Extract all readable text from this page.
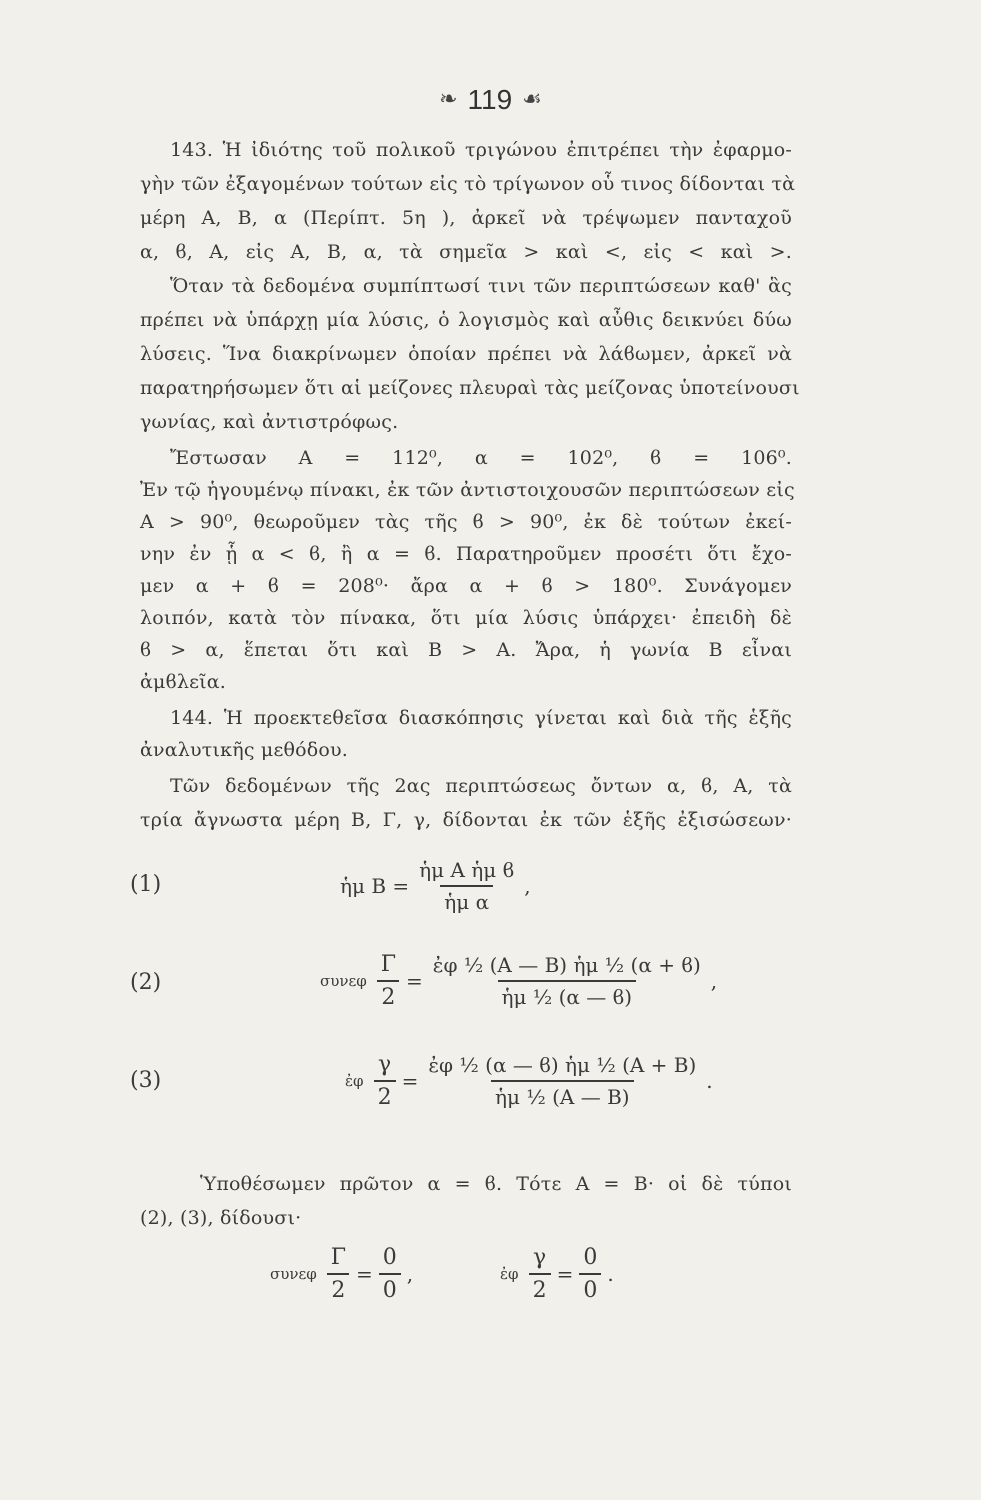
❧ 119 ☙
143. Ἡ ἰδιότης τοῦ πολικοῦ τριγώνου ἐπιτρέπει τὴν ἐφαρμο-
γὴν τῶν ἐξαγομένων τούτων εἰς τὸ τρίγωνον οὗ τινος δίδονται τὰ
μέρη A, B, α (Περίπτ. 5η ), ἀρκεῖ νὰ τρέψωμεν πανταχοῦ
α, ϐ, A, εἰς A, B, α, τὰ σημεῖα > καὶ <, εἰς < καὶ >.
Ὅταν τὰ δεδομένα συμπίπτωσί τινι τῶν περιπτώσεων καθ' ἃς
πρέπει νὰ ὑπάρχῃ μία λύσις, ὁ λογισμὸς καὶ αὖθις δεικνύει δύω
λύσεις. Ἵνα διακρίνωμεν ὁποίαν πρέπει νὰ λάϐωμεν, ἀρκεῖ νὰ
παρατηρήσωμεν ὅτι αἱ μείζονες πλευραὶ τὰς μείζονας ὑποτείνουσι
γωνίας, καὶ ἀντιστρόφως.
Ἔστωσαν A = 112⁰, α = 102⁰, ϐ = 106⁰.
Ἐν τῷ ἡγουμένῳ πίνακι, ἐκ τῶν ἀντιστοιχουσῶν περιπτώσεων εἰς
A > 90⁰, θεωροῦμεν τὰς τῆς ϐ > 90⁰, ἐκ δὲ τούτων ἐκεί-
νην ἐν ᾗ α < ϐ, ἢ α = ϐ. Παρατηροῦμεν προσέτι ὅτι ἔχο-
μεν α + ϐ = 208⁰· ἄρα α + ϐ > 180⁰. Συνάγομεν
λοιπόν, κατὰ τὸν πίνακα, ὅτι μία λύσις ὑπάρχει· ἐπειδὴ δὲ
ϐ > α, ἕπεται ὅτι καὶ B > A. Ἄρα, ἡ γωνία B εἶναι
ἀμϐλεῖα.
144. Ἡ προεκτεθεῖσα διασκόπησις γίνεται καὶ διὰ τῆς ἑξῆς
ἀναλυτικῆς μεθόδου.
Τῶν δεδομένων τῆς 2ας περιπτώσεως ὄντων α, ϐ, A, τὰ
τρία ἄγνωστα μέρη B, Γ, γ, δίδονται ἐκ τῶν ἑξῆς ἐξισώσεων·
(1)	ἡμ $B = \frac{\text{ἡμ A ἡμ ϐ}}{\text{ἡμ α}}$ ,
(2)	συνεφ $\frac{\Gamma}{2} = \frac{\text{ἐφ ½ (A — B) ἡμ ½ (α + ϐ)}}{\text{ἡμ ½ (α — ϐ)}}$ ,
(3)	ἐφ $\frac{\gamma}{2} = \frac{\text{ἐφ ½ (α — ϐ) ἡμ ½ (A + B)}}{\text{ἡμ ½ (A — B)}}$ .
Ὑποθέσωμεν πρῶτον α = ϐ. Τότε A = B· οἱ δὲ τύποι
(2), (3), δίδουσι·
συνεφ $\frac{\Gamma}{2} = \frac{0}{0}$ ,	ἐφ $\frac{\gamma}{2} = \frac{0}{0}$ .
